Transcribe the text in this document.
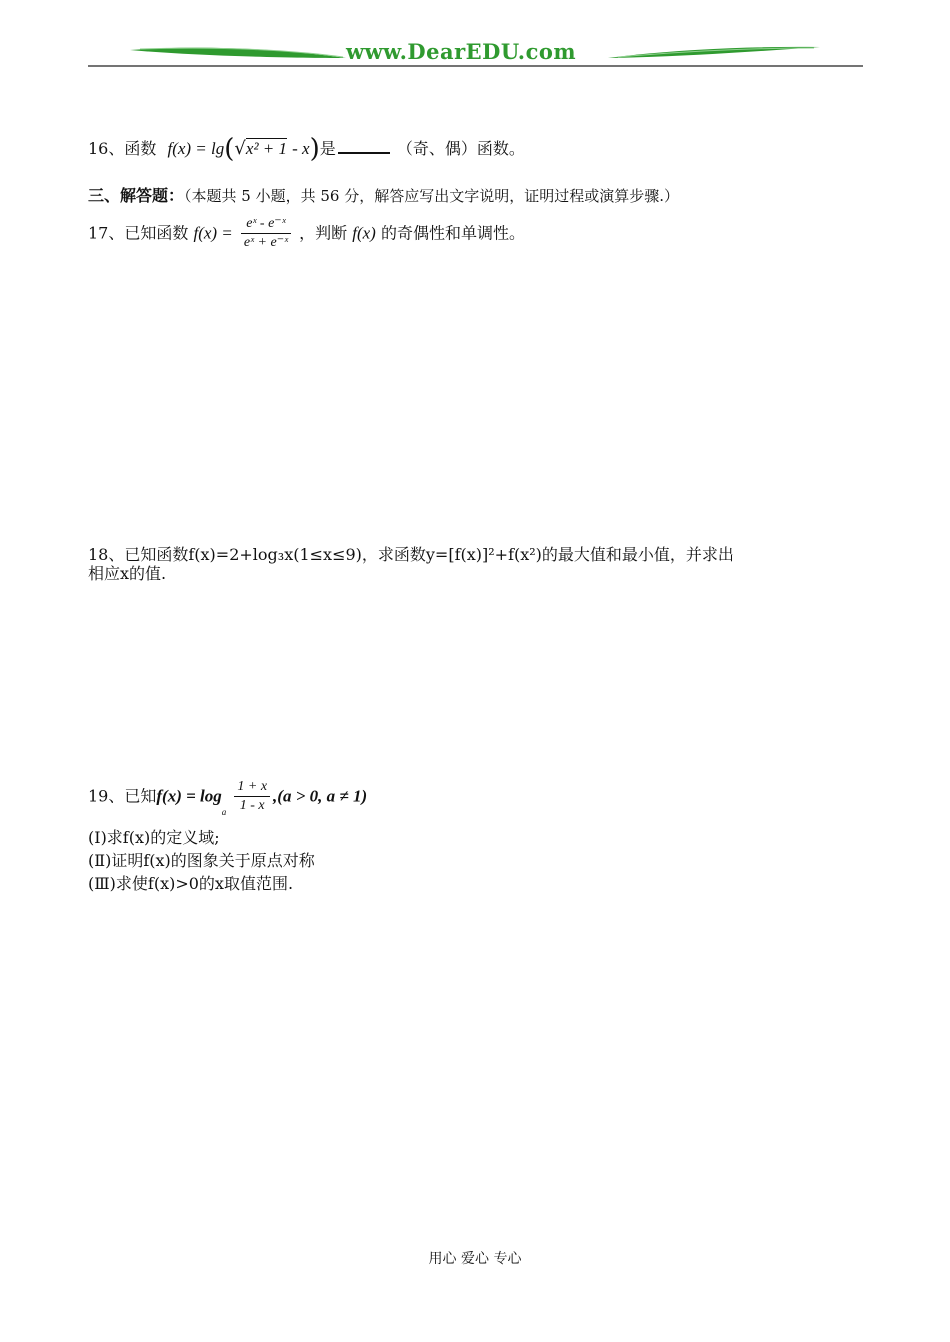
www.DearEDU.com
16、函数 f(x) = lg(√x² + 1 - x)是	（奇、偶）函数。
三、解答题：（本题共 5 小题，共 56 分，解答应写出文字说明，证明过程或演算步骤.）
17、已知函数 $f(x) = \frac{\text{eˣ - e⁻ˣ}}{\text{eˣ + e⁻ˣ}}$ ，判断 f(x) 的奇偶性和单调性。
18、已知函数f(x)=2+log₃x(1≤x≤9)，求函数y=[f(x)]²+f(x²)的最大值和最小值，并求出
相应x的值.
19、已知$f(x) = \log_a \frac{1 + x}{1 - x} ,(a > 0$, a ≠ 1)
(Ⅰ)求f(x)的定义域;
(Ⅱ)证明f(x)的图象关于原点对称
(Ⅲ)求使f(x)>0的x取值范围.
用心 爱心 专心
